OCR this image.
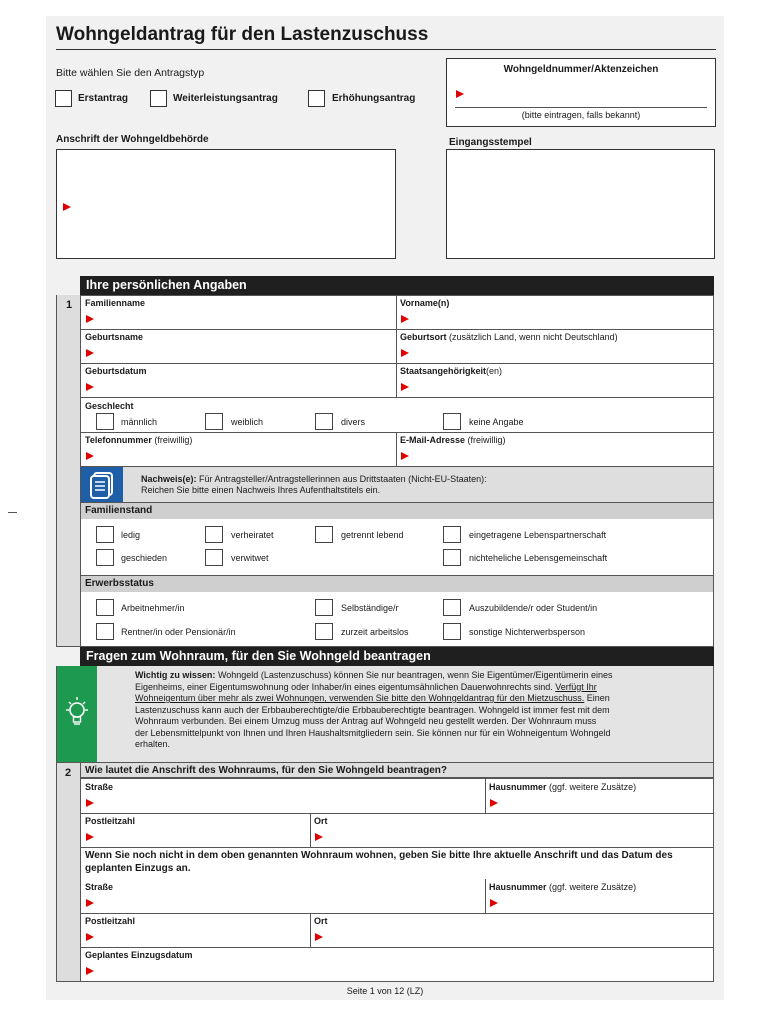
Wohngeldantrag für den Lastenzuschuss
Bitte wählen Sie den Antragstyp
Erstantrag	Weiterleistungsantrag	Erhöhungsantrag
Wohngeldnummer/Aktenzeichen
(bitte eintragen, falls bekannt)
Anschrift der Wohngeldbehörde	Eingangsstempel
Ihre persönlichen Angaben
1 Familienname	Vorname(n)
Geburtsname	Geburtsort (zusätzlich Land, wenn nicht Deutschland)
Geburtsdatum	Staatsangehörigkeit(en)
Geschlecht
männlich	weiblich	divers	keine Angabe
Telefonnummer (freiwillig)	E-Mail-Adresse (freiwillig)
Nachweis(e): Für Antragsteller/Antragstellerinnen aus Drittstaaten (Nicht-EU-Staaten):
Reichen Sie bitte einen Nachweis Ihres Aufenthaltstitels ein.
Familienstand
ledig	verheiratet	getrennt lebend	eingetragene Lebenspartnerschaft
geschieden	verwitwet	nichteheliche Lebensgemeinschaft
Erwerbsstatus
Arbeitnehmer/in	Selbständige/r	Auszubildende/r oder Student/in
Rentner/in oder Pensionär/in	zurzeit arbeitslos	sonstige Nichterwerbsperson
Fragen zum Wohnraum, für den Sie Wohngeld beantragen
Wichtig zu wissen: Wohngeld (Lastenzuschuss) können Sie nur beantragen, wenn Sie Eigentümer/Eigentümerin eines
Eigenheims, einer Eigentumswohnung oder Inhaber/in eines eigentumsähnlichen Dauerwohnrechts sind. Verfügt Ihr
Wohneigentum über mehr als zwei Wohnungen, verwenden Sie bitte den Wohngeldantrag für den Mietzuschuss. Einen
Lastenzuschuss kann auch der Erbbauberechtigte/die Erbbauberechtigte beantragen. Wohngeld ist immer fest mit dem
Wohnraum verbunden. Bei einem Umzug muss der Antrag auf Wohngeld neu gestellt werden. Der Wohnraum muss
der Lebensmittelpunkt von Ihnen und Ihren Haushaltsmitgliedern sein. Sie können nur für ein Wohneigentum Wohngeld
erhalten.
2 Wie lautet die Anschrift des Wohnraums, für den Sie Wohngeld beantragen?
Straße	Hausnummer (ggf. weitere Zusätze)
Postleitzahl	Ort
Wenn Sie noch nicht in dem oben genannten Wohnraum wohnen, geben Sie bitte Ihre aktuelle Anschrift und das Datum des geplanten Einzugs an.
Straße	Hausnummer (ggf. weitere Zusätze)
Postleitzahl	Ort
Geplantes Einzugsdatum
Seite 1 von 12 (LZ)
